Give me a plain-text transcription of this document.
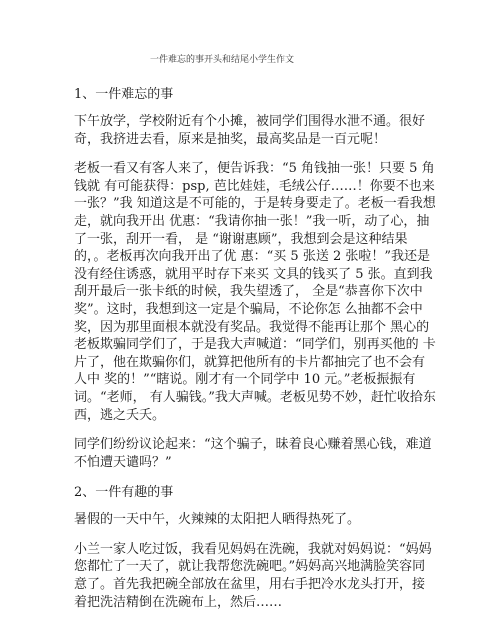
一件难忘的事开头和结尾小学生作文
1、一件难忘的事

下午放学，学校附近有个小摊，被同学们围得水泄不通。很好奇，我挤进去看，原来是抽奖，最高奖品是一百元呢！

老板一看又有客人来了，便告诉我：“5 角钱抽一张！只要 5 角钱就 有可能获得：psp, 芭比娃娃，毛绒公仔……！你要不也来一张？”我 知道这是不可能的，于是转身要走了。老板一看我想走，就向我开出 优惠：“我请你抽一张！”我一听，动了心，抽了一张，刮开一看， 是 “谢谢惠顾”，我想到会是这种结果的，。老板再次向我开出了优 惠：“买 5 张送 2 张啦！”我还是没有经住诱惑，就用平时存下来买 文具的钱买了 5 张。直到我刮开最后一张卡纸的时候，我失望透了， 全是“恭喜你下次中奖”。这时，我想到这一定是个骗局，不论你怎 么抽都不会中奖，因为那里面根本就没有奖品。我觉得不能再让那个 黑心的老板欺骗同学们了，于是我大声喊道：“同学们，别再买他的 卡片了，他在欺骗你们，就算把他所有的卡片都抽完了也不会有人中 奖的！”“瞎说。刚才有一个同学中 10 元。”老板振振有词。“老师， 有人骗钱。”我大声喊。老板见势不妙，赶忙收拾东西，逃之夭夭。

同学们纷纷议论起来：“这个骗子，昧着良心赚着黑心钱，难道不怕遭天谴吗？”

2、一件有趣的事

暑假的一天中午，火辣辣的太阳把人晒得热死了。

小兰一家人吃过饭，我看见妈妈在洗碗，我就对妈妈说：“妈妈您都忙了一天了，就让我帮您洗碗吧。”妈妈高兴地满脸笑容同意了。首先我把碗全部放在盆里，用右手把冷水龙头打开，接着把洗洁精倒在洗碗布上，然后……
